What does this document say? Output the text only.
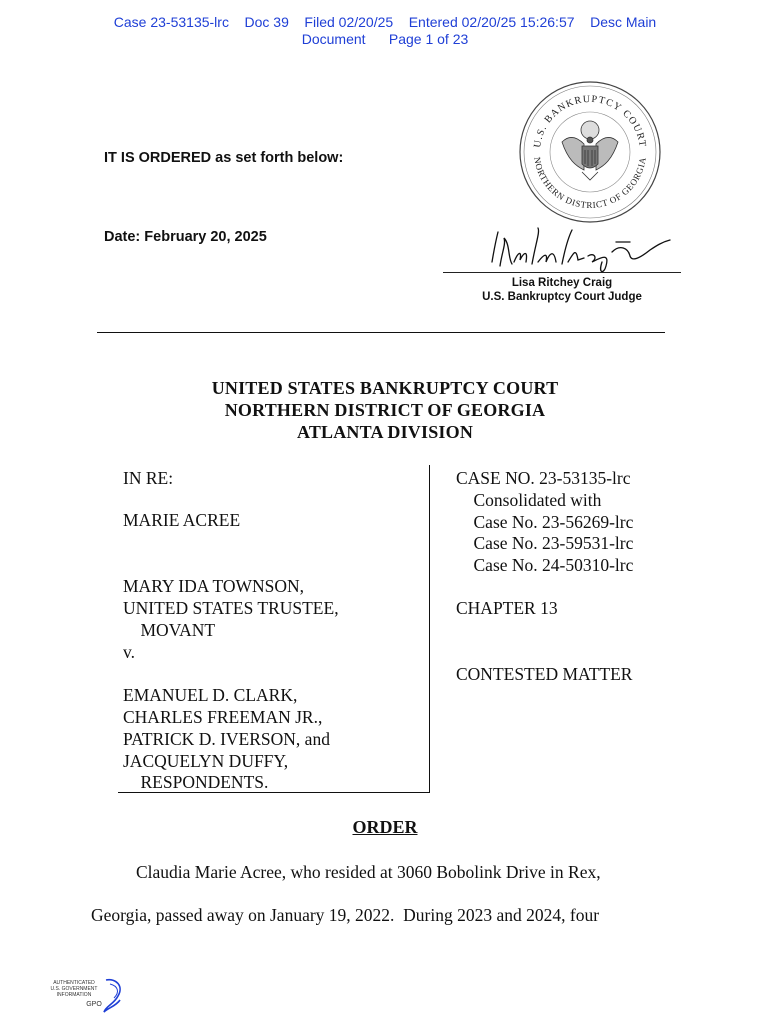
Case 23-53135-lrc    Doc 39    Filed 02/20/25    Entered 02/20/25 15:26:57    Desc Main
Document      Page 1 of 23
IT IS ORDERED as set forth below:
Date: February 20, 2025
U.S. BANKRUPTCY COURT
NORTHERN DISTRICT OF GEORGIA
Lisa Ritchey Craig
U.S. Bankruptcy Court Judge
UNITED STATES BANKRUPTCY COURT
NORTHERN DISTRICT OF GEORGIA
ATLANTA DIVISION
IN RE:
MARIE ACREE
MARY IDA TOWNSON,
UNITED STATES TRUSTEE,
MOVANT
v.
EMANUEL D. CLARK,
CHARLES FREEMAN JR.,
PATRICK D. IVERSON, and
JACQUELYN DUFFY,
RESPONDENTS.
CASE NO. 23-53135-lrc
Consolidated with
Case No. 23-56269-lrc
Case No. 23-59531-lrc
Case No. 24-50310-lrc
CHAPTER 13
CONTESTED MATTER
ORDER
Claudia Marie Acree, who resided at 3060 Bobolink Drive in Rex,
Georgia, passed away on January 19, 2022.  During 2023 and 2024, four
AUTHENTICATED
U.S. GOVERNMENT
INFORMATION
GPO
